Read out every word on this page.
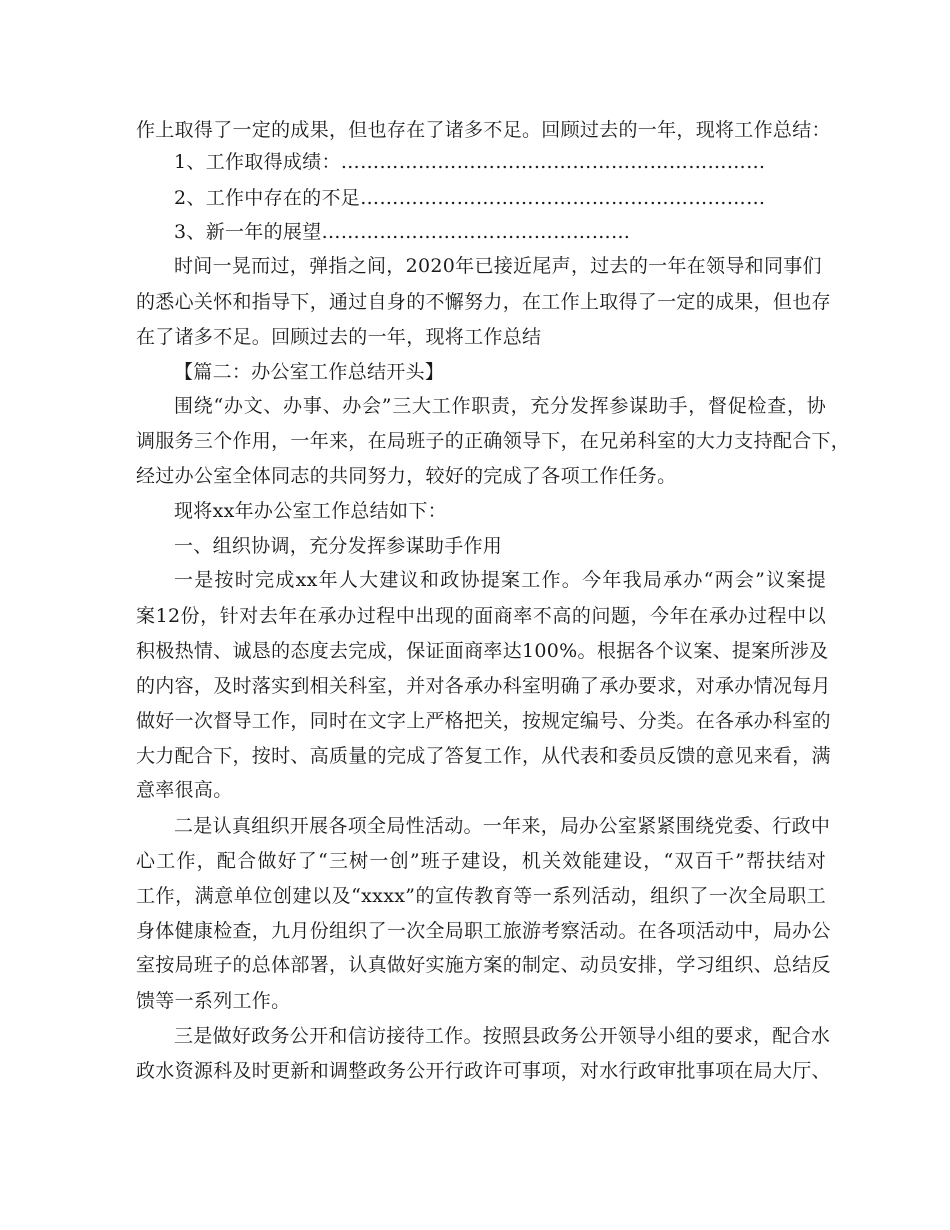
作上取得了一定的成果，但也存在了诸多不足。回顾过去的一年，现将工作总结：
1、工作取得成绩：…………………………………………………………
2、工作中存在的不足………………………………………………………
3、新一年的展望…………………………………………
时间一晃而过，弹指之间，2020年已接近尾声，过去的一年在领导和同事们
的悉心关怀和指导下，通过自身的不懈努力，在工作上取得了一定的成果，但也存
在了诸多不足。回顾过去的一年，现将工作总结
【篇二：办公室工作总结开头】
围绕“办文、办事、办会”三大工作职责，充分发挥参谋助手，督促检查，协
调服务三个作用，一年来，在局班子的正确领导下，在兄弟科室的大力支持配合下，
经过办公室全体同志的共同努力，较好的完成了各项工作任务。
现将xx年办公室工作总结如下：
一、组织协调，充分发挥参谋助手作用
一是按时完成xx年人大建议和政协提案工作。今年我局承办“两会”议案提
案12份，针对去年在承办过程中出现的面商率不高的问题，今年在承办过程中以
积极热情、诚恳的态度去完成，保证面商率达100%。根据各个议案、提案所涉及
的内容，及时落实到相关科室，并对各承办科室明确了承办要求，对承办情况每月
做好一次督导工作，同时在文字上严格把关，按规定编号、分类。在各承办科室的
大力配合下，按时、高质量的完成了答复工作，从代表和委员反馈的意见来看，满
意率很高。
二是认真组织开展各项全局性活动。一年来，局办公室紧紧围绕党委、行政中
心工作，配合做好了“三树一创”班子建设，机关效能建设，“双百千”帮扶结对
工作，满意单位创建以及“xxxx”的宣传教育等一系列活动，组织了一次全局职工
身体健康检查，九月份组织了一次全局职工旅游考察活动。在各项活动中，局办公
室按局班子的总体部署，认真做好实施方案的制定、动员安排，学习组织、总结反
馈等一系列工作。
三是做好政务公开和信访接待工作。按照县政务公开领导小组的要求，配合水
政水资源科及时更新和调整政务公开行政许可事项，对水行政审批事项在局大厅、
